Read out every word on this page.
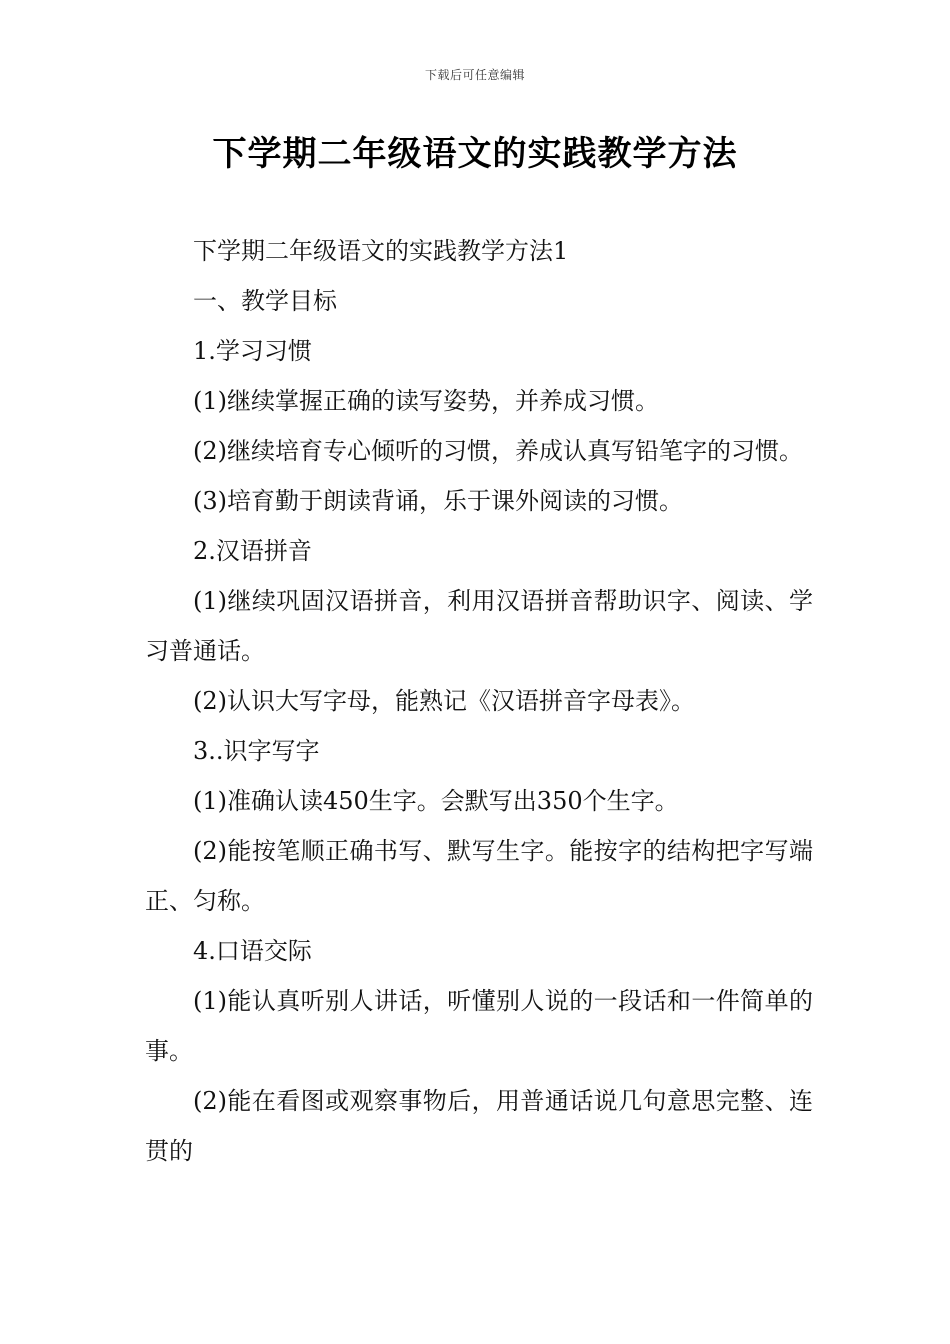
下载后可任意编辑
下学期二年级语文的实践教学方法

下学期二年级语文的实践教学方法1

一、教学目标

1.学习习惯

(1)继续掌握正确的读写姿势，并养成习惯。

(2)继续培育专心倾听的习惯，养成认真写铅笔字的习惯。

(3)培育勤于朗读背诵，乐于课外阅读的习惯。

2.汉语拼音

(1)继续巩固汉语拼音，利用汉语拼音帮助识字、阅读、学习普通话。

(2)认识大写字母，能熟记《汉语拼音字母表》。

3..识字写字

(1)准确认读450生字。会默写出350个生字。

(2)能按笔顺正确书写、默写生字。能按字的结构把字写端正、匀称。

4.口语交际

(1)能认真听别人讲话，听懂别人说的一段话和一件简单的事。

(2)能在看图或观察事物后，用普通话说几句意思完整、连贯的
